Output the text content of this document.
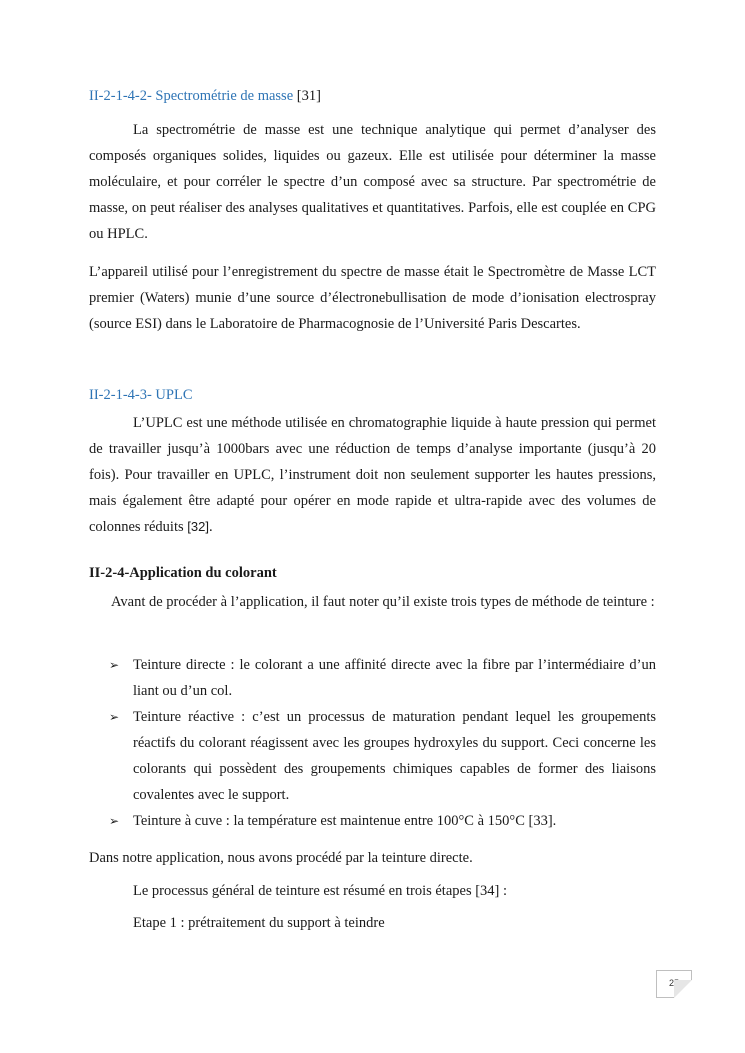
II-2-1-4-2- Spectrométrie de masse [31]

La spectrométrie de masse est une technique analytique qui permet d’analyser des composés organiques solides, liquides ou gazeux. Elle est utilisée pour déterminer la masse moléculaire, et pour corréler le spectre d’un composé avec sa structure. Par spectrométrie de masse, on peut réaliser des analyses qualitatives et quantitatives. Parfois, elle est couplée en CPG ou HPLC.

L’appareil utilisé pour l’enregistrement du spectre de masse était le Spectromètre de Masse LCT premier (Waters) munie d’une source d’électronebullisation de mode d’ionisation electrospray (source ESI) dans le Laboratoire de Pharmacognosie de l’Université Paris Descartes.

II-2-1-4-3- UPLC

L’UPLC est une méthode utilisée en chromatographie liquide à haute pression qui permet de travailler jusqu’à 1000bars avec une réduction de temps d’analyse importante (jusqu’à 20 fois). Pour travailler en UPLC, l’instrument doit non seulement supporter les hautes pressions, mais également être adapté pour opérer en mode rapide et ultra-rapide avec des volumes de colonnes réduits [32].

II-2-4-Application du colorant

Avant de procéder à l’application, il faut noter qu’il existe trois types de méthode de teinture :

➢ Teinture directe : le colorant a une affinité directe avec la fibre par l’intermédiaire d’un liant ou d’un col.
➢ Teinture réactive : c’est un processus de maturation pendant lequel les groupements réactifs du colorant réagissent avec les groupes hydroxyles du support. Ceci concerne les colorants qui possèdent des groupements chimiques capables de former des liaisons covalentes avec le support.
➢ Teinture à cuve : la température est maintenue entre 100°C à 150°C [33].
Dans notre application, nous avons procédé par la teinture directe.
Le processus général de teinture est résumé en trois étapes [34] :
Etape 1 : prétraitement du support à teindre
25
